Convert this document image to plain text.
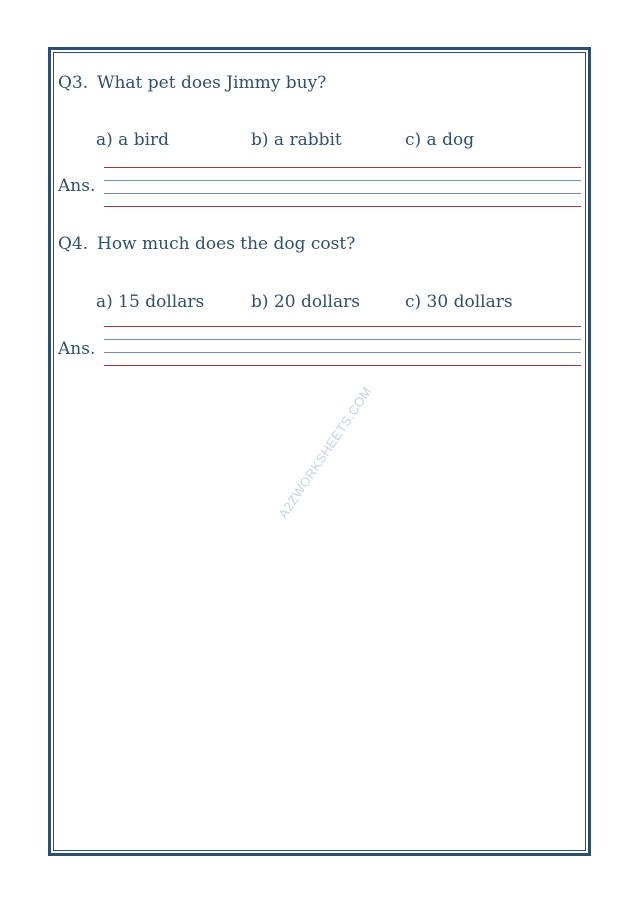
Q3. What pet does Jimmy buy?
a) a bird	b) a rabbit	c) a dog
Ans.
Q4. How much does the dog cost?
a) 15 dollars	b) 20 dollars	c) 30 dollars
Ans.
A2ZWORKSHEETS.COM
